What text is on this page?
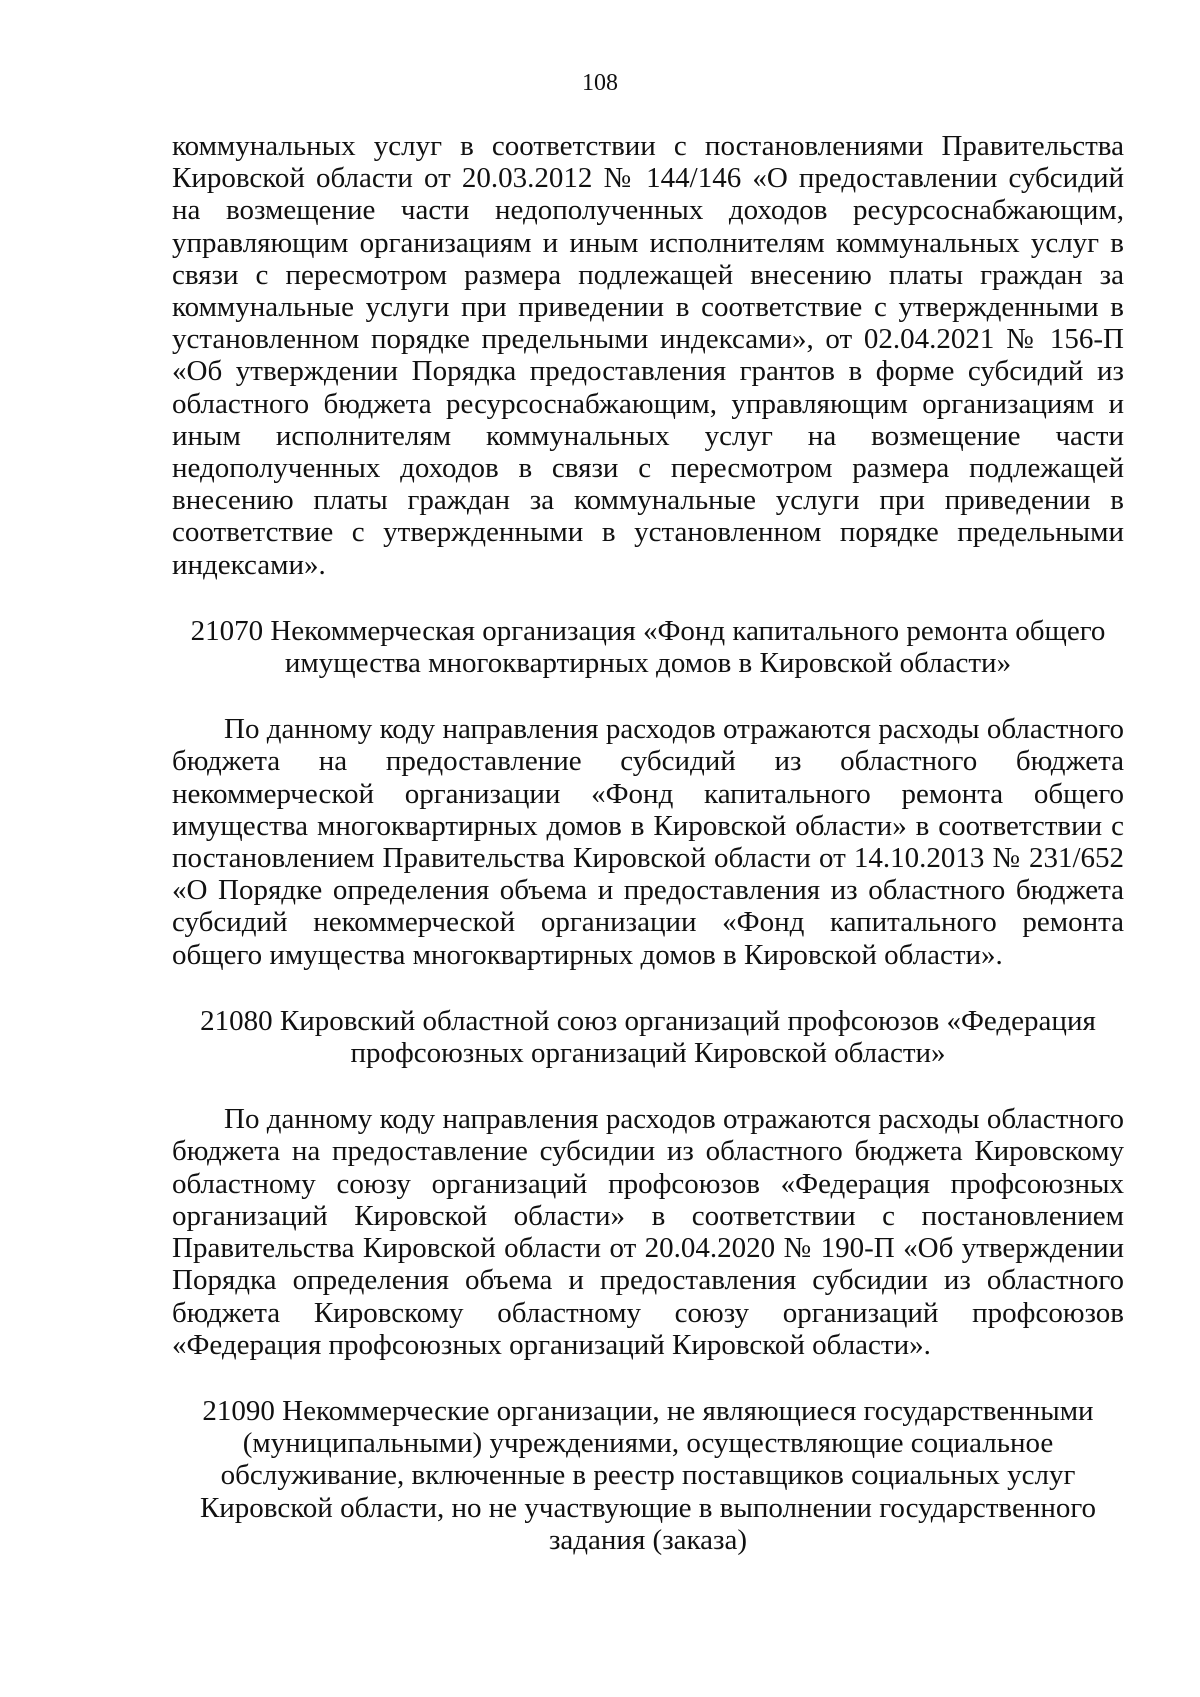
108

коммунальных услуг в соответствии с постановлениями Правительства Кировской области от 20.03.2012 № 144/146 «О предоставлении субсидий на возмещение части недополученных доходов ресурсоснабжающим, управляющим организациям и иным исполнителям коммунальных услуг в связи с пересмотром размера подлежащей внесению платы граждан за коммунальные услуги при приведении в соответствие с утвержденными в установленном порядке предельными индексами», от 02.04.2021 № 156-П «Об утверждении Порядка предоставления грантов в форме субсидий из областного бюджета ресурсоснабжающим, управляющим организациям и иным исполнителям коммунальных услуг на возмещение части недополученных доходов в связи с пересмотром размера подлежащей внесению платы граждан за коммунальные услуги при приведении в соответствие с утвержденными в установленном порядке предельными индексами».

21070 Некоммерческая организация «Фонд капитального ремонта общего
имущества многоквартирных домов в Кировской области»

По данному коду направления расходов отражаются расходы областного бюджета на предоставление субсидий из областного бюджета некоммерческой организации «Фонд капитального ремонта общего имущества многоквартирных домов в Кировской области» в соответствии с постановлением Правительства Кировской области от 14.10.2013 № 231/652 «О Порядке определения объема и предоставления из областного бюджета субсидий некоммерческой организации «Фонд капитального ремонта общего имущества многоквартирных домов в Кировской области».

21080 Кировский областной союз организаций профсоюзов «Федерация
профсоюзных организаций Кировской области»

По данному коду направления расходов отражаются расходы областного бюджета на предоставление субсидии из областного бюджета Кировскому областному союзу организаций профсоюзов «Федерация профсоюзных организаций Кировской области» в соответствии с постановлением Правительства Кировской области от 20.04.2020 № 190-П «Об утверждении Порядка определения объема и предоставления субсидии из областного бюджета Кировскому областному союзу организаций профсоюзов «Федерация профсоюзных организаций Кировской области».

21090 Некоммерческие организации, не являющиеся государственными
(муниципальными) учреждениями, осуществляющие социальное
обслуживание, включенные в реестр поставщиков социальных услуг
Кировской области, но не участвующие в выполнении государственного
задания (заказа)
